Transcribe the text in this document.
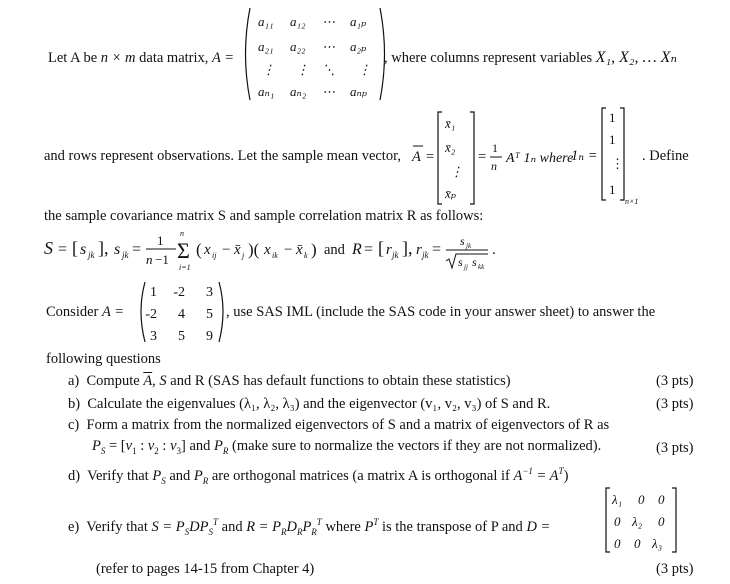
Let A be n × m data matrix, A =
a₁₁ a₁₂ ⋯ a₁ₚ
a₂₁ a₂₂ ⋯ a₂ₚ
⋮ ⋮ ⋱ ⋮
aₙ₁ aₙ₂ ⋯ aₙₚ
, where columns represent variables X₁, X₂, … Xₙ
and rows represent observations. Let the sample mean vector, A =
x̄₁
x̄₂
⋮
x̄ₚ
=
1
n Aᵀ 1ₙ where
1ₙ =
1
1
⋮
1
n×1
. Define
the sample covariance matrix S and sample correlation matrix R as follows:
S = [ s jk ], s jk =
1
n −1
n
Σ
i=1
( x ij − x̄ j )( x ik − x̄ k ) and R = [ r jk ], r jk = s jk
s jj s kk
.
Consider A =
1 -2 3
-2 4 5
3 5 9
, use SAS IML (include the SAS code in your answer sheet) to answer the
following questions
a) Compute $\overline{A}$, S and R (SAS has default functions to obtain these statistics)	(3 pts)
b) Calculate the eigenvalues (λ₁, λ₂, λ₃) and the eigenvector (v₁, v₂, v₃) of S and R.	(3 pts)
c) Form a matrix from the normalized eigenvectors of S and a matrix of eigenvectors of R as
$P_S = [v_1$ : $v_2$ : $v_3$] and $P_R$ (make sure to normalize the vectors if they are not normalized).	(3 pts)
d) Verify that $P_S$ and $P_R$ are orthogonal matrices (a matrix A is orthogonal if $A^{-1} = A^T$)
e) Verify that $S = P_SDP_S^T$ and $R = P_RD_RP_R^T$ where $P^T$ is the transpose of P and D =
λ₁ 0 0
0 λ₂ 0
0 0 λ₃
(refer to pages 14-15 from Chapter 4)	(3 pts)
